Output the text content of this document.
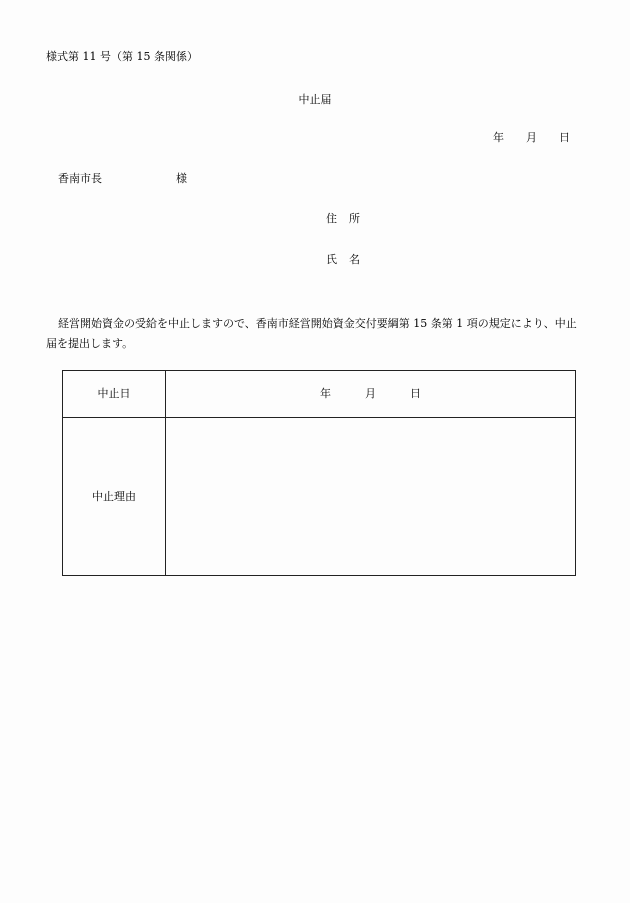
様式第 11 号（第 15 条関係）
中止届
年 月 日
香南市長	様
住 所
氏 名

経営開始資金の受給を中止しますので、香南市経営開始資金交付要綱第 15 条第 1 項の規定により、中止届を提出します。

中止日	年 月 日
中止理由	
